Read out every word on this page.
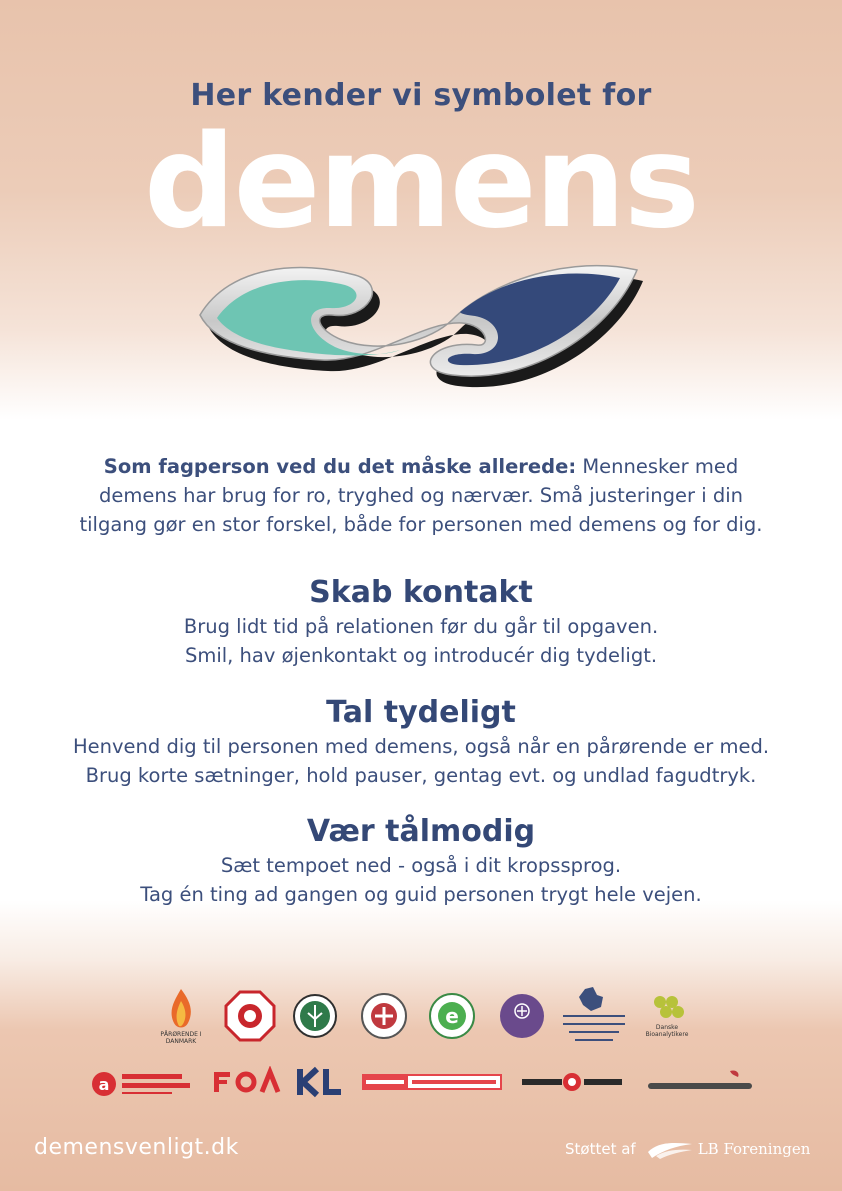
Her kender vi symbolet for
demens
Som fagperson ved du det måske allerede: Mennesker med
demens har brug for ro, tryghed og nærvær. Små justeringer i din
tilgang gør en stor forskel, både for personen med demens og for dig.
Skab kontakt

Brug lidt tid på relationen før du går til opgaven.

Smil, hav øjenkontakt og introducér dig tydeligt.

Tal tydeligt

Henvend dig til personen med demens, også når en pårørende er med.

Brug korte sætninger, hold pauser, gentag evt. og undlad fagudtryk.

Vær tålmodig

Sæt tempoet ned - også i dit kropssprog.

Tag én ting ad gangen og guid personen trygt hele vejen.

PÅRØRENDE I DANMARK
e	Danske Bioanalytikere
a
demensvenligt.dk	Støttet af	LB Foreningen
